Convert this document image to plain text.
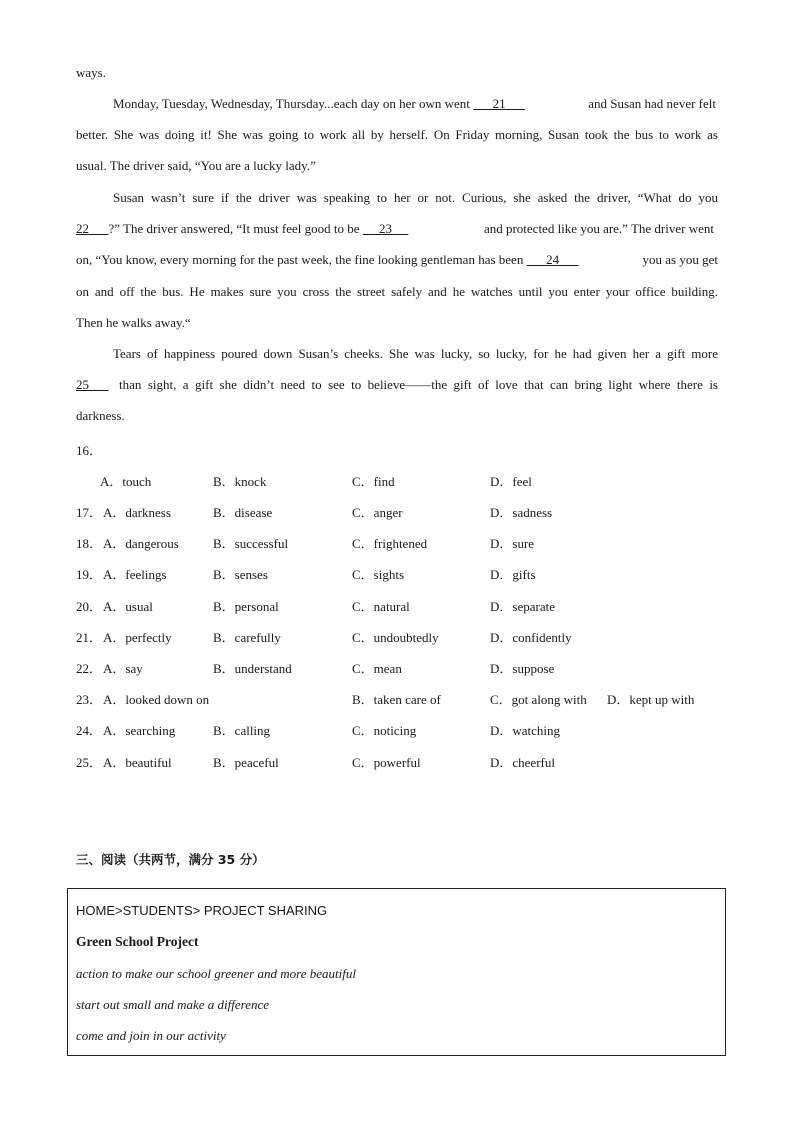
ways.
Monday, Tuesday, Wednesday, Thursday...each day on her own went 21	and Susan had never felt
better. She was doing it! She was going to work all by herself. On Friday morning, Susan took the bus to work as
usual. The driver said, “You are a lucky lady.”
Susan wasn’t sure if the driver was speaking to her or not. Curious, she asked the driver, “What do you
22 ?” The driver answered, “It must feel good to be 23	and protected like you are.” The driver went
on, “You know, every morning for the past week, the fine looking gentleman has been 24	you as you get
on and off the bus. He makes sure you cross the street safely and he watches until you enter your office building.
Then he walks away.“
Tears of happiness poured down Susan’s cheeks. She was lucky, so lucky, for he had given her a gift more
25 than sight, a gift she didn’t need to see to believe——the gift of love that can bring light where there is
darkness.
16．
A．touch	B．knock	C．find	D．feel
17． A．darkness	B．disease	C．anger	D．sadness
18． A．dangerous	B．successful	C．frightened	D．sure
19． A．feelings	B．senses	C．sights	D．gifts
20． A．usual	B．personal	C．natural	D．separate
21． A．perfectly	B．carefully	C．undoubtedly	D．confidently
22． A．say	B．understand	C．mean	D．suppose
23． A．looked down on	B．taken care of	C．got along with D．kept up with
24． A．searching	B．calling	C．noticing	D．watching
25． A．beautiful	B．peaceful	C．powerful	D．cheerful
三、阅读（共两节，满分 35 分）
HOME>STUDENTS> PROJECT SHARING
Green School Project
action to make our school greener and more beautiful
start out small and make a difference
come and join in our activity
